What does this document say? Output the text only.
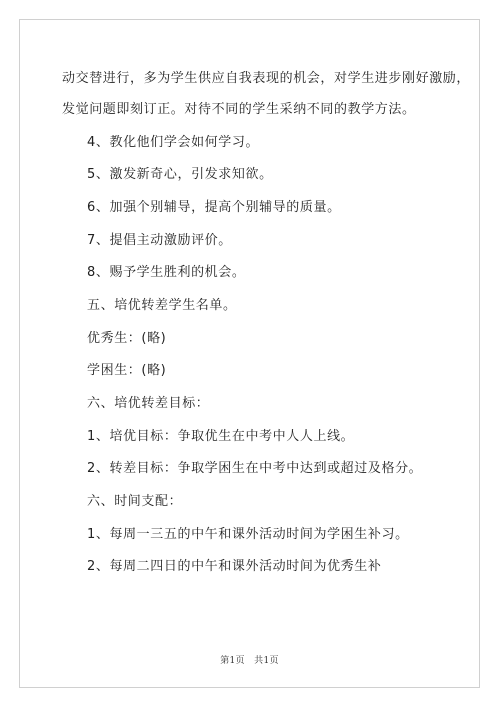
动交替进行，多为学生供应自我表现的机会，对学生进步刚好激励，
发觉问题即刻订正。对待不同的学生采纳不同的教学方法。
4、教化他们学会如何学习。
5、激发新奇心，引发求知欲。
6、加强个别辅导，提高个别辅导的质量。
7、提倡主动激励评价。
8、赐予学生胜利的机会。
五、培优转差学生名单。
优秀生：(略)
学困生：(略)
六、培优转差目标：
1、培优目标：争取优生在中考中人人上线。
2、转差目标：争取学困生在中考中达到或超过及格分。
六、时间支配：
1、每周一三五的中午和课外活动时间为学困生补习。
2、每周二四日的中午和课外活动时间为优秀生补
第1页　共1页
